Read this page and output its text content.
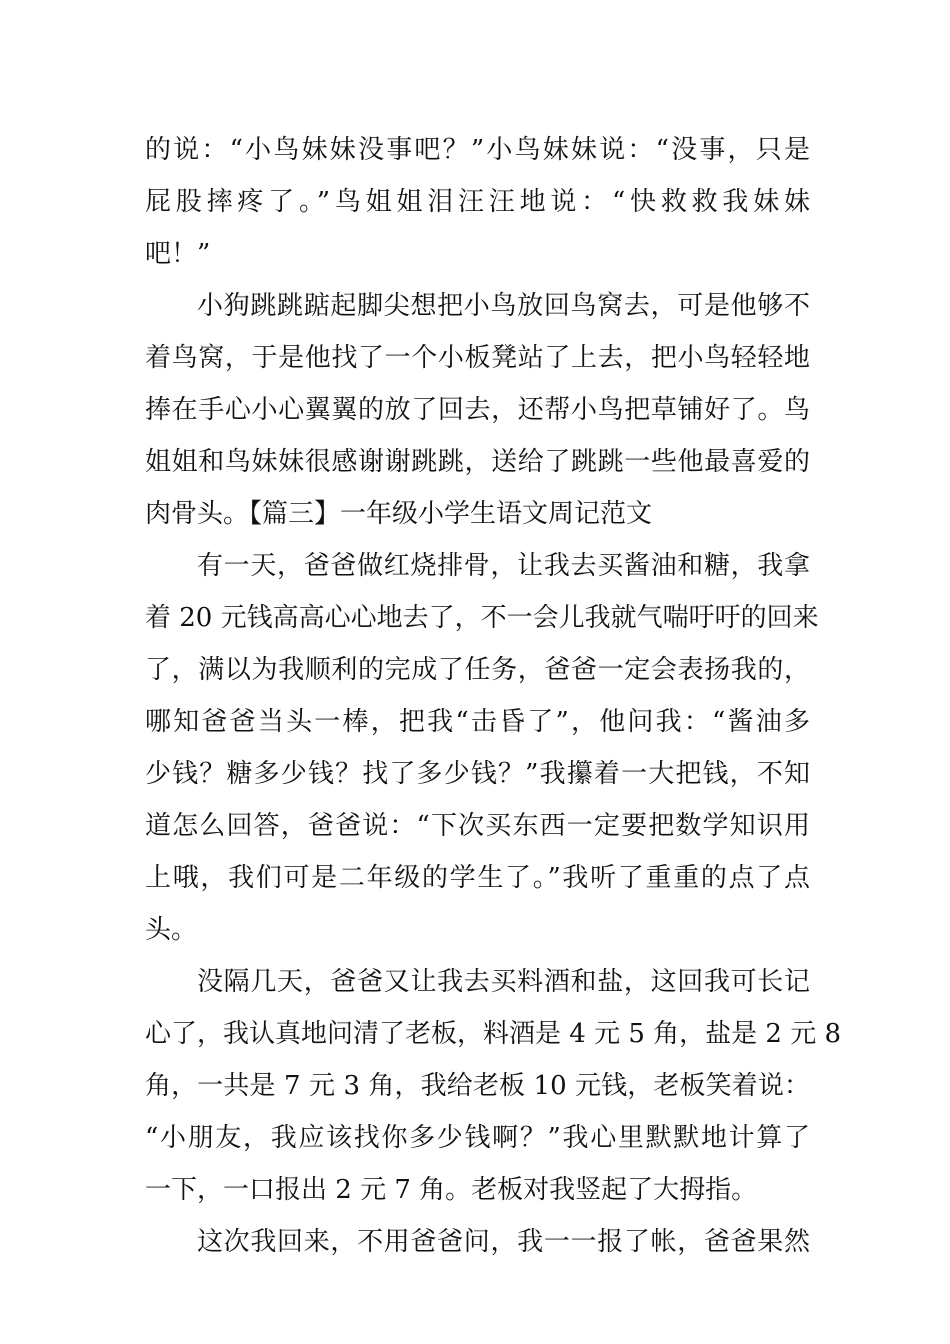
的说：“小鸟妹妹没事吧？”小鸟妹妹说：“没事，只是
屁股摔疼了。”鸟姐姐泪汪汪地说：“快救救我妹妹
吧！”
小狗跳跳踮起脚尖想把小鸟放回鸟窝去，可是他够不
着鸟窝，于是他找了一个小板凳站了上去，把小鸟轻轻地
捧在手心小心翼翼的放了回去，还帮小鸟把草铺好了。鸟
姐姐和鸟妹妹很感谢谢跳跳，送给了跳跳一些他最喜爱的
肉骨头。【篇三】一年级小学生语文周记范文
有一天，爸爸做红烧排骨，让我去买酱油和糖，我拿
着 20 元钱高高心心地去了，不一会儿我就气喘吁吁的回来
了，满以为我顺利的完成了任务，爸爸一定会表扬我的，
哪知爸爸当头一棒，把我“击昏了”，他问我：“酱油多
少钱？糖多少钱？找了多少钱？”我攥着一大把钱，不知
道怎么回答，爸爸说：“下次买东西一定要把数学知识用
上哦，我们可是二年级的学生了。”我听了重重的点了点
头。
没隔几天，爸爸又让我去买料酒和盐，这回我可长记
心了，我认真地问清了老板，料酒是 4 元 5 角，盐是 2 元 8
角，一共是 7 元 3 角，我给老板 10 元钱，老板笑着说：
“小朋友，我应该找你多少钱啊？”我心里默默地计算了
一下，一口报出 2 元 7 角。老板对我竖起了大拇指。
这次我回来，不用爸爸问，我一一报了帐，爸爸果然
